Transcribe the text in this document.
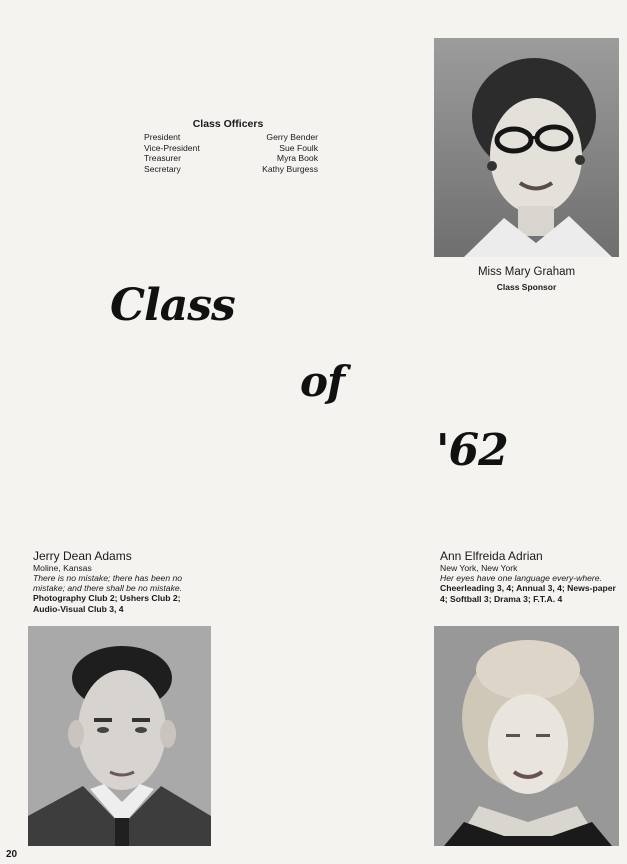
Class Officers
President	Gerry Bender
Vice-President	Sue Foulk
Treasurer	Myra Book
Secretary	Kathy Burgess
Miss Mary Graham
Class Sponsor
Class
of
'62
Jerry Dean Adams
Moline, Kansas
There is no mistake; there has been no mistake; and there shall be no mistake.
Photography Club 2; Ushers Club 2; Audio-Visual Club 3, 4
Ann Elfreida Adrian
New York, New York
Her eyes have one language every-where.
Cheerleading 3, 4; Annual 3, 4; News-paper 4; Softball 3; Drama 3; F.T.A. 4
20
